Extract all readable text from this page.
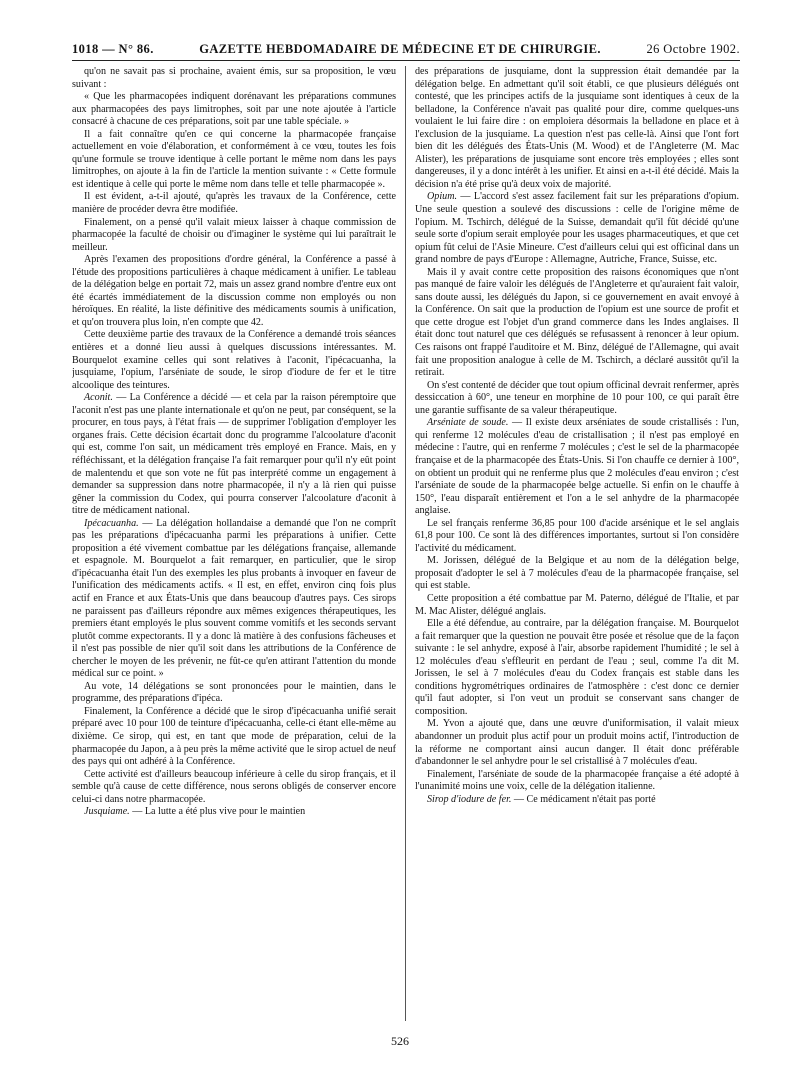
1018 — N° 86.	GAZETTE HEBDOMADAIRE DE MÉDECINE ET DE CHIRURGIE.	26 Octobre 1902.

qu'on ne savait pas si prochaine, avaient émis, sur sa proposition, le vœu suivant :

« Que les pharmacopées indiquent dorénavant les préparations communes aux pharmacopées des pays limitrophes, soit par une note ajoutée à l'article consacré à chacune de ces préparations, soit par une table spéciale. »

Il a fait connaître qu'en ce qui concerne la pharmacopée française actuellement en voie d'élaboration, et conformément à ce vœu, toutes les fois qu'une formule se trouve identique à celle portant le même nom dans les pays limitrophes, on ajoute à la fin de l'article la mention suivante : « Cette formule est identique à celle qui porte le même nom dans telle et telle pharmacopée ».

Il est évident, a-t-il ajouté, qu'après les travaux de la Conférence, cette manière de procéder devra être modifiée.

Finalement, on a pensé qu'il valait mieux laisser à chaque commission de pharmacopée la faculté de choisir ou d'imaginer le système qui lui paraîtrait le meilleur.

Après l'examen des propositions d'ordre général, la Conférence a passé à l'étude des propositions particulières à chaque médicament à unifier. Le tableau de la délégation belge en portait 72, mais un assez grand nombre d'entre eux ont été écartés immédiatement de la discussion comme non employés ou non héroïques. En réalité, la liste définitive des médicaments soumis à unification, et qu'on trouvera plus loin, n'en compte que 42.

Cette deuxième partie des travaux de la Conférence a demandé trois séances entières et a donné lieu aussi à quelques discussions intéressantes. M. Bourquelot examine celles qui sont relatives à l'aconit, l'ipécacuanha, la jusquiame, l'opium, l'arséniate de soude, le sirop d'iodure de fer et le titre alcoolique des teintures.

Aconit. — La Conférence a décidé — et cela par la raison péremptoire que l'aconit n'est pas une plante internationale et qu'on ne peut, par conséquent, se la procurer, en tous pays, à l'état frais — de supprimer l'obligation d'employer les organes frais. Cette décision écartait donc du programme l'alcoolature d'aconit qui est, comme l'on sait, un médicament très employé en France. Mais, en y réfléchissant, et la délégation française l'a fait remarquer pour qu'il n'y eût point de malentendu et que son vote ne fût pas interprété comme un engagement à demander sa suppression dans notre pharmacopée, il n'y a là rien qui puisse gêner la commission du Codex, qui pourra conserver l'alcoolature d'aconit à titre de médicament national.

Ipécacuanha. — La délégation hollandaise a demandé que l'on ne comprît pas les préparations d'ipécacuanha parmi les préparations à unifier. Cette proposition a été vivement combattue par les délégations française, allemande et espagnole. M. Bourquelot a fait remarquer, en particulier, que le sirop d'ipécacuanha était l'un des exemples les plus probants à invoquer en faveur de l'unification des médicaments actifs. « Il est, en effet, environ cinq fois plus actif en France et aux États-Unis que dans beaucoup d'autres pays. Ces sirops ne paraissent pas d'ailleurs répondre aux mêmes exigences thérapeutiques, les premiers étant employés le plus souvent comme vomitifs et les seconds servant plutôt comme expectorants. Il y a donc là matière à des confusions fâcheuses et il n'est pas possible de nier qu'il soit dans les attributions de la Conférence de chercher le moyen de les prévenir, ne fût-ce qu'en attirant l'attention du monde médical sur ce point. »

Au vote, 14 délégations se sont prononcées pour le maintien, dans le programme, des préparations d'ipéca.

Finalement, la Conférence a décidé que le sirop d'ipécacuanha unifié serait préparé avec 10 pour 100 de teinture d'ipécacuanha, celle-ci étant elle-même au dixième. Ce sirop, qui est, en tant que mode de préparation, celui de la pharmacopée du Japon, a à peu près la même activité que le sirop actuel de neuf des pays qui ont adhéré à la Conférence.

Cette activité est d'ailleurs beaucoup inférieure à celle du sirop français, et il semble qu'à cause de cette différence, nous serons obligés de conserver encore celui-ci dans notre pharmacopée.

Jusquiame. — La lutte a été plus vive pour le maintien

des préparations de jusquiame, dont la suppression était demandée par la délégation belge. En admettant qu'il soit établi, ce que plusieurs délégués ont contesté, que les principes actifs de la jusquiame sont identiques à ceux de la belladone, la Conférence n'avait pas qualité pour dire, comme quelques-uns voulaient le lui faire dire : on emploiera désormais la belladone en place et à l'exclusion de la jusquiame. La question n'est pas celle-là. Ainsi que l'ont fort bien dit les délégués des États-Unis (M. Wood) et de l'Angleterre (M. Mac Alister), les préparations de jusquiame sont encore très employées ; elles sont dangereuses, il y a donc intérêt à les unifier. Et ainsi en a-t-il été décidé. Mais la décision n'a été prise qu'à deux voix de majorité.

Opium. — L'accord s'est assez facilement fait sur les préparations d'opium. Une seule question a soulevé des discussions : celle de l'origine même de l'opium. M. Tschirch, délégué de la Suisse, demandait qu'il fût décidé qu'une seule sorte d'opium serait employée pour les usages pharmaceutiques, et que cet opium fût celui de l'Asie Mineure. C'est d'ailleurs celui qui est officinal dans un grand nombre de pays d'Europe : Allemagne, Autriche, France, Suisse, etc.

Mais il y avait contre cette proposition des raisons économiques que n'ont pas manqué de faire valoir les délégués de l'Angleterre et qu'auraient fait valoir, sans doute aussi, les délégués du Japon, si ce gouvernement en avait envoyé à la Conférence. On sait que la production de l'opium est une source de profit et que cette drogue est l'objet d'un grand commerce dans les Indes anglaises. Il était donc tout naturel que ces délégués se refusassent à renoncer à leur opium. Ces raisons ont frappé l'auditoire et M. Binz, délégué de l'Allemagne, qui avait fait une proposition analogue à celle de M. Tschirch, a déclaré aussitôt qu'il la retirait.

On s'est contenté de décider que tout opium officinal devrait renfermer, après dessiccation à 60°, une teneur en morphine de 10 pour 100, ce qui paraît être une garantie suffisante de sa valeur thérapeutique.

Arséniate de soude. — Il existe deux arséniates de soude cristallisés : l'un, qui renferme 12 molécules d'eau de cristallisation ; il n'est pas employé en médecine : l'autre, qui en renferme 7 molécules ; c'est le sel de la pharmacopée française et de la pharmacopée des États-Unis. Si l'on chauffe ce dernier à 100°, on obtient un produit qui ne renferme plus que 2 molécules d'eau environ ; c'est l'arséniate de soude de la pharmacopée belge actuelle. Si enfin on le chauffe à 150°, l'eau disparaît entièrement et l'on a le sel anhydre de la pharmacopée anglaise.

Le sel français renferme 36,85 pour 100 d'acide arsénique et le sel anglais 61,8 pour 100. Ce sont là des différences importantes, surtout si l'on considère l'activité du médicament.

M. Jorissen, délégué de la Belgique et au nom de la délégation belge, proposait d'adopter le sel à 7 molécules d'eau de la pharmacopée française, sel qui est stable.

Cette proposition a été combattue par M. Paterno, délégué de l'Italie, et par M. Mac Alister, délégué anglais.

Elle a été défendue, au contraire, par la délégation française. M. Bourquelot a fait remarquer que la question ne pouvait être posée et résolue que de la façon suivante : le sel anhydre, exposé à l'air, absorbe rapidement l'humidité ; le sel à 12 molécules d'eau s'effleurit en perdant de l'eau ; seul, comme l'a dit M. Jorissen, le sel à 7 molécules d'eau du Codex français est stable dans les conditions hygrométriques ordinaires de l'atmosphère : c'est donc ce dernier qu'il faut adopter, si l'on veut un produit se conservant sans changer de composition.

M. Yvon a ajouté que, dans une œuvre d'uniformisation, il valait mieux abandonner un produit plus actif pour un produit moins actif, l'introduction de la réforme ne comportant ainsi aucun danger. Il était donc préférable d'abandonner le sel anhydre pour le sel cristallisé à 7 molécules d'eau.

Finalement, l'arséniate de soude de la pharmacopée française a été adopté à l'unanimité moins une voix, celle de la délégation italienne.

Sirop d'iodure de fer. — Ce médicament n'était pas porté

526
